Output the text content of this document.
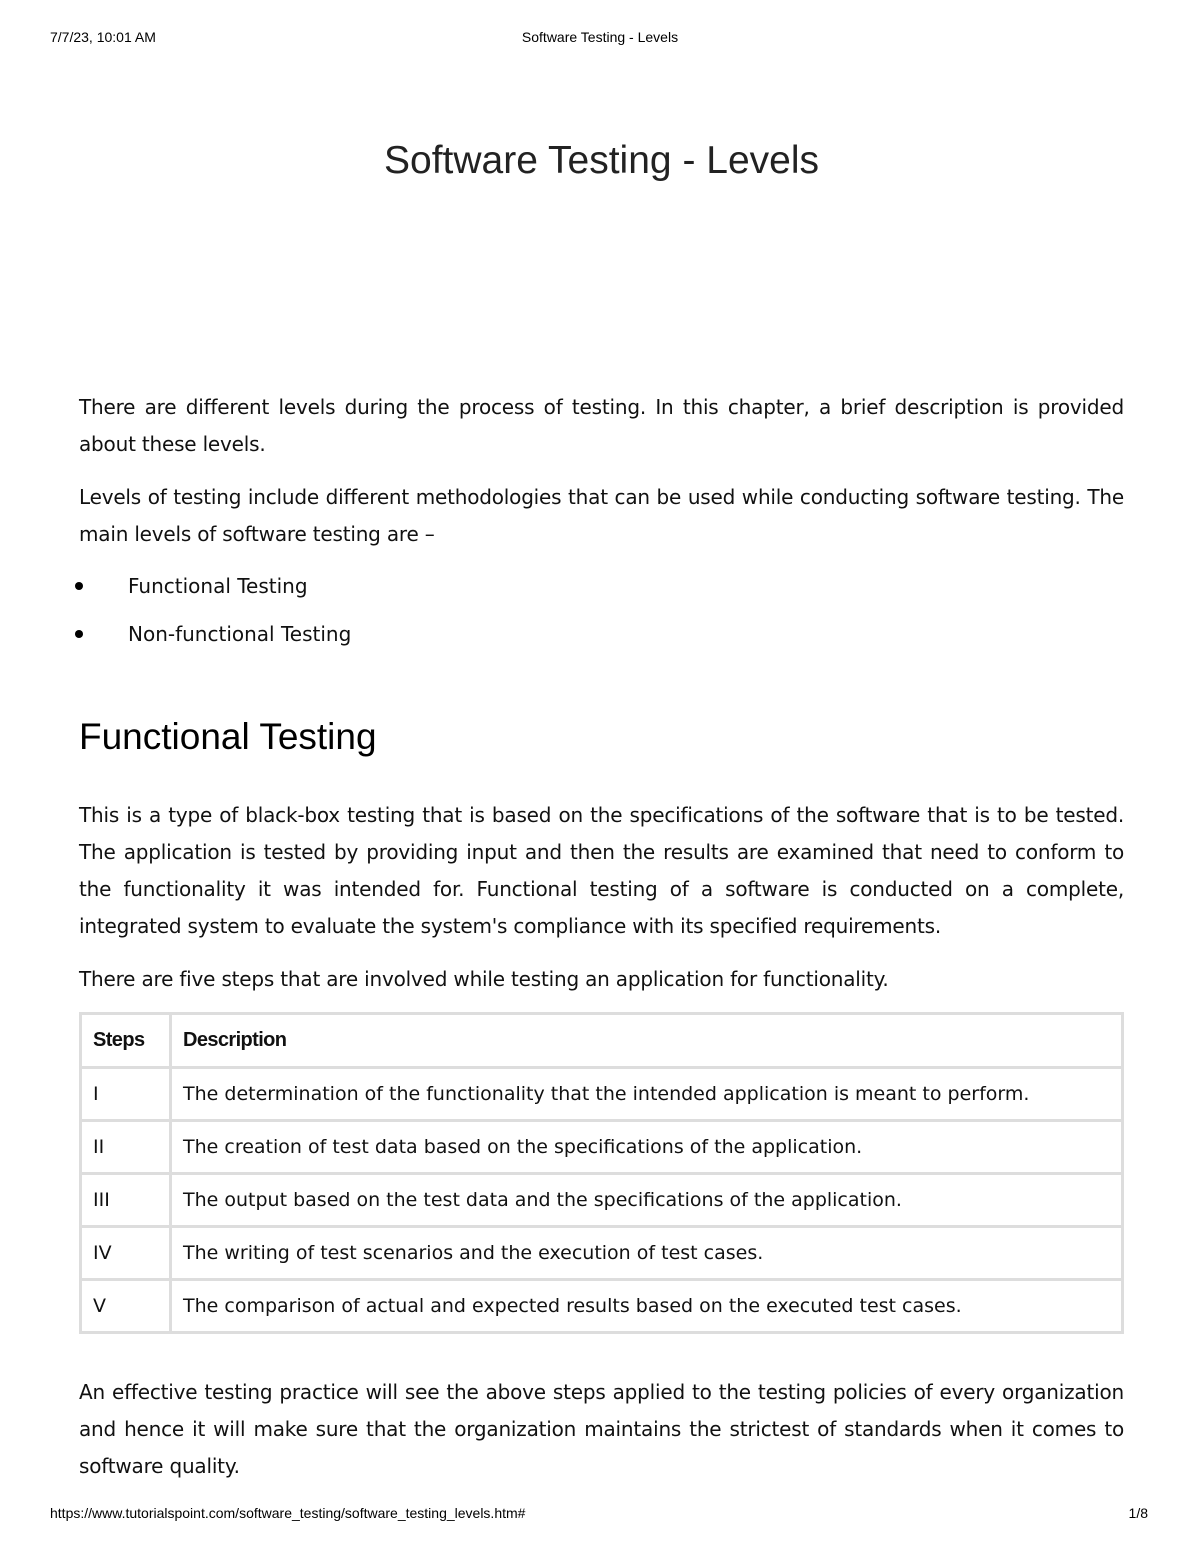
7/7/23, 10:01 AM	Software Testing - Levels
Software Testing - Levels

There are different levels during the process of testing. In this chapter, a brief description is provided about these levels.

Levels of testing include different methodologies that can be used while conducting software testing. The main levels of software testing are –

Functional Testing
Non-functional Testing
Functional Testing

This is a type of black-box testing that is based on the specifications of the software that is to be tested. The application is tested by providing input and then the results are examined that need to conform to the functionality it was intended for. Functional testing of a software is conducted on a complete, integrated system to evaluate the system's compliance with its specified requirements.

There are five steps that are involved while testing an application for functionality.

Steps	Description
I	The determination of the functionality that the intended application is meant to perform.
II	The creation of test data based on the specifications of the application.
III	The output based on the test data and the specifications of the application.
IV	The writing of test scenarios and the execution of test cases.
V	The comparison of actual and expected results based on the executed test cases.

An effective testing practice will see the above steps applied to the testing policies of every organization and hence it will make sure that the organization maintains the strictest of standards when it comes to software quality.

https://www.tutorialspoint.com/software_testing/software_testing_levels.htm#	1/8
